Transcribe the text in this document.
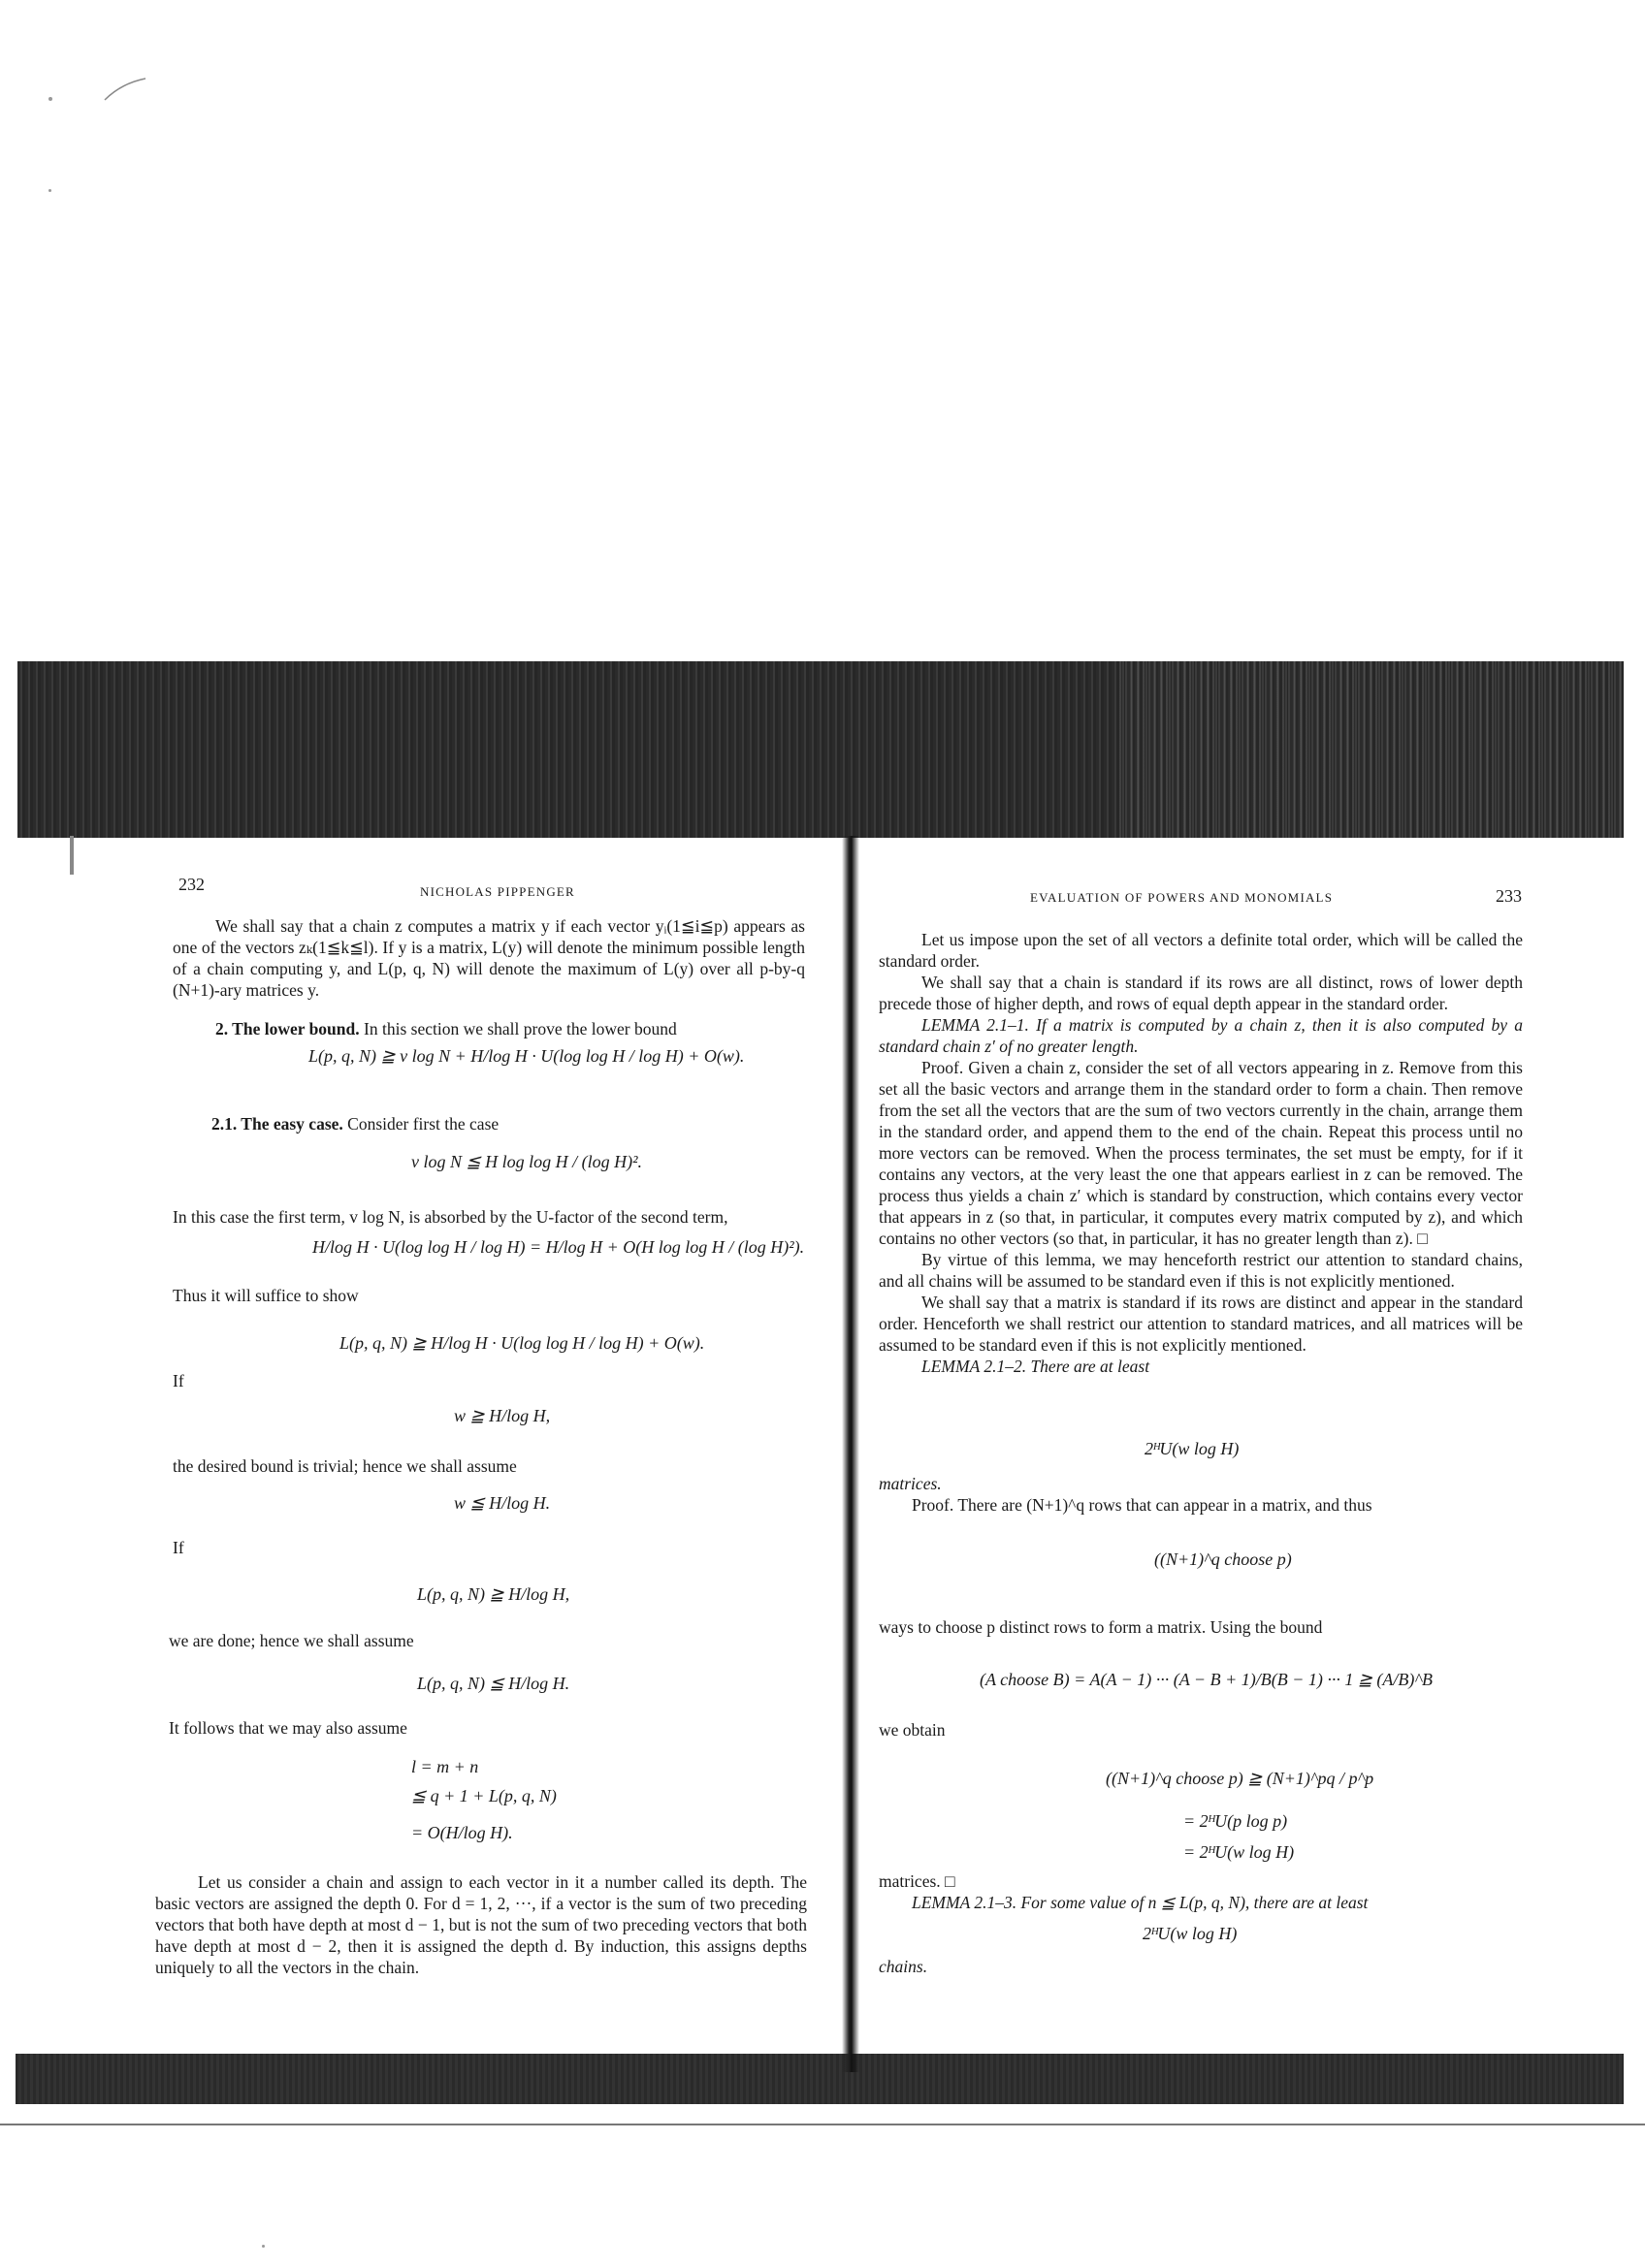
232	NICHOLAS PIPPENGER

We shall say that a chain z computes a matrix y if each vector yᵢ(1≦i≦p) appears as one of the vectors zₖ(1≦k≦l). If y is a matrix, L(y) will denote the minimum possible length of a chain computing y, and L(p, q, N) will denote the maximum of L(y) over all p-by-q (N+1)-ary matrices y.

2. The lower bound. In this section we shall prove the lower bound
L(p, q, N) ≧ v log N + H/log H · U(log log H / log H) + O(w).
2.1. The easy case. Consider first the case
v log N ≦ H log log H / (log H)².

In this case the first term, v log N, is absorbed by the U-factor of the second term,

H/log H · U(log log H / log H) = H/log H + O(H log log H / (log H)²).
Thus it will suffice to show
L(p, q, N) ≧ H/log H · U(log log H / log H) + O(w).
If
w ≧ H/log H,
the desired bound is trivial; hence we shall assume
w ≦ H/log H.
If
L(p, q, N) ≧ H/log H,
we are done; hence we shall assume
L(p, q, N) ≦ H/log H.
It follows that we may also assume
l = m + n
≦ q + 1 + L(p, q, N)
= O(H/log H).

Let us consider a chain and assign to each vector in it a number called its depth. The basic vectors are assigned the depth 0. For d = 1, 2, ···, if a vector is the sum of two preceding vectors that both have depth at most d − 1, but is not the sum of two preceding vectors that both have depth at most d − 2, then it is assigned the depth d. By induction, this assigns depths uniquely to all the vectors in the chain.

EVALUATION OF POWERS AND MONOMIALS	233

Let us impose upon the set of all vectors a definite total order, which will be called the standard order.

We shall say that a chain is standard if its rows are all distinct, rows of lower depth precede those of higher depth, and rows of equal depth appear in the standard order.

LEMMA 2.1–1. If a matrix is computed by a chain z, then it is also computed by a standard chain z′ of no greater length.

Proof. Given a chain z, consider the set of all vectors appearing in z. Remove from this set all the basic vectors and arrange them in the standard order to form a chain. Then remove from the set all the vectors that are the sum of two vectors currently in the chain, arrange them in the standard order, and append them to the end of the chain. Repeat this process until no more vectors can be removed. When the process terminates, the set must be empty, for if it contains any vectors, at the very least the one that appears earliest in z can be removed. The process thus yields a chain z′ which is standard by construction, which contains every vector that appears in z (so that, in particular, it computes every matrix computed by z), and which contains no other vectors (so that, in particular, it has no greater length than z). □

By virtue of this lemma, we may henceforth restrict our attention to standard chains, and all chains will be assumed to be standard even if this is not explicitly mentioned.

We shall say that a matrix is standard if its rows are distinct and appear in the standard order. Henceforth we shall restrict our attention to standard matrices, and all matrices will be assumed to be standard even if this is not explicitly mentioned.

LEMMA 2.1–2. There are at least

2ᴴU(w log H)
matrices.
Proof. There are (N+1)^q rows that can appear in a matrix, and thus
((N+1)^q choose p)
ways to choose p distinct rows to form a matrix. Using the bound
(A choose B) = A(A − 1) ··· (A − B + 1)/B(B − 1) ··· 1 ≧ (A/B)^B
we obtain
((N+1)^q choose p) ≧ (N+1)^pq / p^p
= 2ᴴU(p log p)
= 2ᴴU(w log H)
matrices. □
LEMMA 2.1–3. For some value of n ≦ L(p, q, N), there are at least
2ᴴU(w log H)
chains.
